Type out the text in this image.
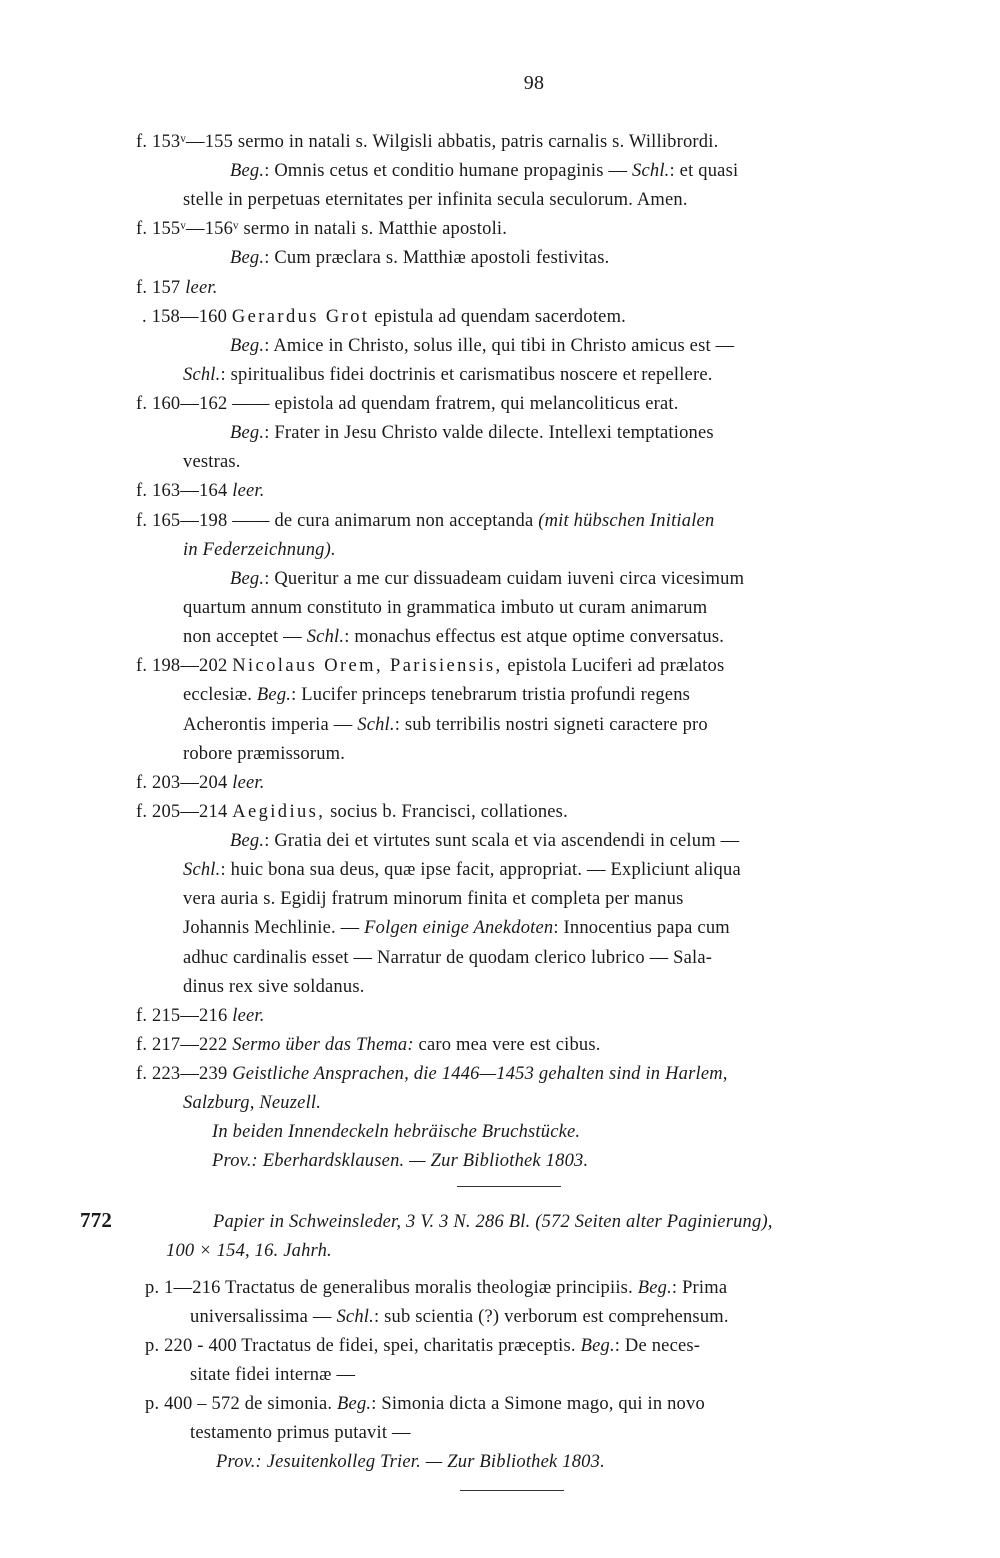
98
f. 153ᵛ—155 sermo in natali s. Wilgisli abbatis, patris carnalis s. Willibrordi.
Beg.: Omnis cetus et conditio humane propaginis — Schl.: et quasi
stelle in perpetuas eternitates per infinita secula seculorum. Amen.
f. 155ᵛ—156ᵛ sermo in natali s. Matthie apostoli.
Beg.: Cum præclara s. Matthiæ apostoli festivitas.
f. 157 leer.
. 158—160 Gerardus Grot epistula ad quendam sacerdotem.
Beg.: Amice in Christo, solus ille, qui tibi in Christo amicus est —
Schl.: spiritualibus fidei doctrinis et carismatibus noscere et repellere.
f. 160—162 —— epistola ad quendam fratrem, qui melancoliticus erat.
Beg.: Frater in Jesu Christo valde dilecte. Intellexi temptationes
vestras.
f. 163—164 leer.
f. 165—198 —— de cura animarum non acceptanda (mit hübschen Initialen
in Federzeichnung).
Beg.: Queritur a me cur dissuadeam cuidam iuveni circa vicesimum
quartum annum constituto in grammatica imbuto ut curam animarum
non acceptet — Schl.: monachus effectus est atque optime conversatus.
f. 198—202 Nicolaus Orem, Parisiensis, epistola Luciferi ad prælatos
ecclesiæ. Beg.: Lucifer princeps tenebrarum tristia profundi regens
Acherontis imperia — Schl.: sub terribilis nostri signeti caractere pro
robore præmissorum.
f. 203—204 leer.
f. 205—214 Aegidius, socius b. Francisci, collationes.
Beg.: Gratia dei et virtutes sunt scala et via ascendendi in celum —
Schl.: huic bona sua deus, quæ ipse facit, appropriat. — Expliciunt aliqua
vera auria s. Egidij fratrum minorum finita et completa per manus
Johannis Mechlinie. — Folgen einige Anekdoten: Innocentius papa cum
adhuc cardinalis esset — Narratur de quodam clerico lubrico — Sala-
dinus rex sive soldanus.
f. 215—216 leer.
f. 217—222 Sermo über das Thema: caro mea vere est cibus.
f. 223—239 Geistliche Ansprachen, die 1446—1453 gehalten sind in Harlem,
Salzburg, Neuzell.
In beiden Innendeckeln hebräische Bruchstücke.
Prov.: Eberhardsklausen. — Zur Bibliothek 1803.
772	Papier in Schweinsleder, 3 V. 3 N. 286 Bl. (572 Seiten alter Paginierung),
100 × 154, 16. Jahrh.
p. 1—216 Tractatus de generalibus moralis theologiæ principiis. Beg.: Prima
universalissima — Schl.: sub scientia (?) verborum est comprehensum.
p. 220 - 400 Tractatus de fidei, spei, charitatis præceptis. Beg.: De neces-
sitate fidei internæ —
p. 400 – 572 de simonia. Beg.: Simonia dicta a Simone mago, qui in novo
testamento primus putavit —
Prov.: Jesuitenkolleg Trier. — Zur Bibliothek 1803.
